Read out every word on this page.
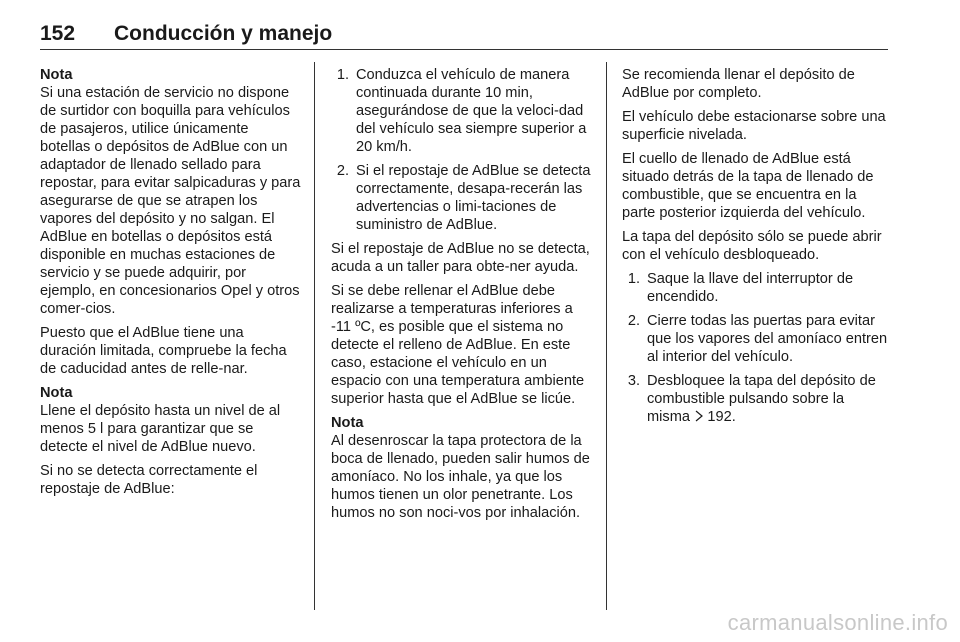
152 Conducción y manejo
Nota

Si una estación de servicio no dispone de surtidor con boquilla para vehículos de pasajeros, utilice únicamente botellas o depósitos de AdBlue con un adaptador de llenado sellado para repostar, para evitar salpicaduras y para asegurarse de que se atrapen los vapores del depósito y no salgan. El AdBlue en botellas o depósitos está disponible en muchas estaciones de servicio y se puede adquirir, por ejemplo, en concesionarios Opel y otros comer-cios.

Puesto que el AdBlue tiene una duración limitada, compruebe la fecha de caducidad antes de relle-nar.

Nota

Llene el depósito hasta un nivel de al menos 5 l para garantizar que se detecte el nivel de AdBlue nuevo.

Si no se detecta correctamente el repostaje de AdBlue:

1. Conduzca el vehículo de manera continuada durante 10 min, asegurándose de que la veloci-dad del vehículo sea siempre superior a 20 km/h.
2. Si el repostaje de AdBlue se detecta correctamente, desapa-recerán las advertencias o limi-taciones de suministro de AdBlue.

Si el repostaje de AdBlue no se detecta, acuda a un taller para obte-ner ayuda.

Si se debe rellenar el AdBlue debe realizarse a temperaturas inferiores a -11 ºC, es posible que el sistema no detecte el relleno de AdBlue. En este caso, estacione el vehículo en un espacio con una temperatura ambiente superior hasta que el AdBlue se licúe.

Nota

Al desenroscar la tapa protectora de la boca de llenado, pueden salir humos de amoníaco. No los inhale, ya que los humos tienen un olor penetrante. Los humos no son noci-vos por inhalación.

Se recomienda llenar el depósito de AdBlue por completo.

El vehículo debe estacionarse sobre una superficie nivelada.

El cuello de llenado de AdBlue está situado detrás de la tapa de llenado de combustible, que se encuentra en la parte posterior izquierda del vehículo.

La tapa del depósito sólo se puede abrir con el vehículo desbloqueado.

1. Saque la llave del interruptor de encendido.
2. Cierre todas las puertas para evitar que los vapores del amoníaco entren al interior del vehículo.
3. Desbloquee la tapa del depósito de combustible pulsando sobre la misma 192.
carmanualsonline.info
